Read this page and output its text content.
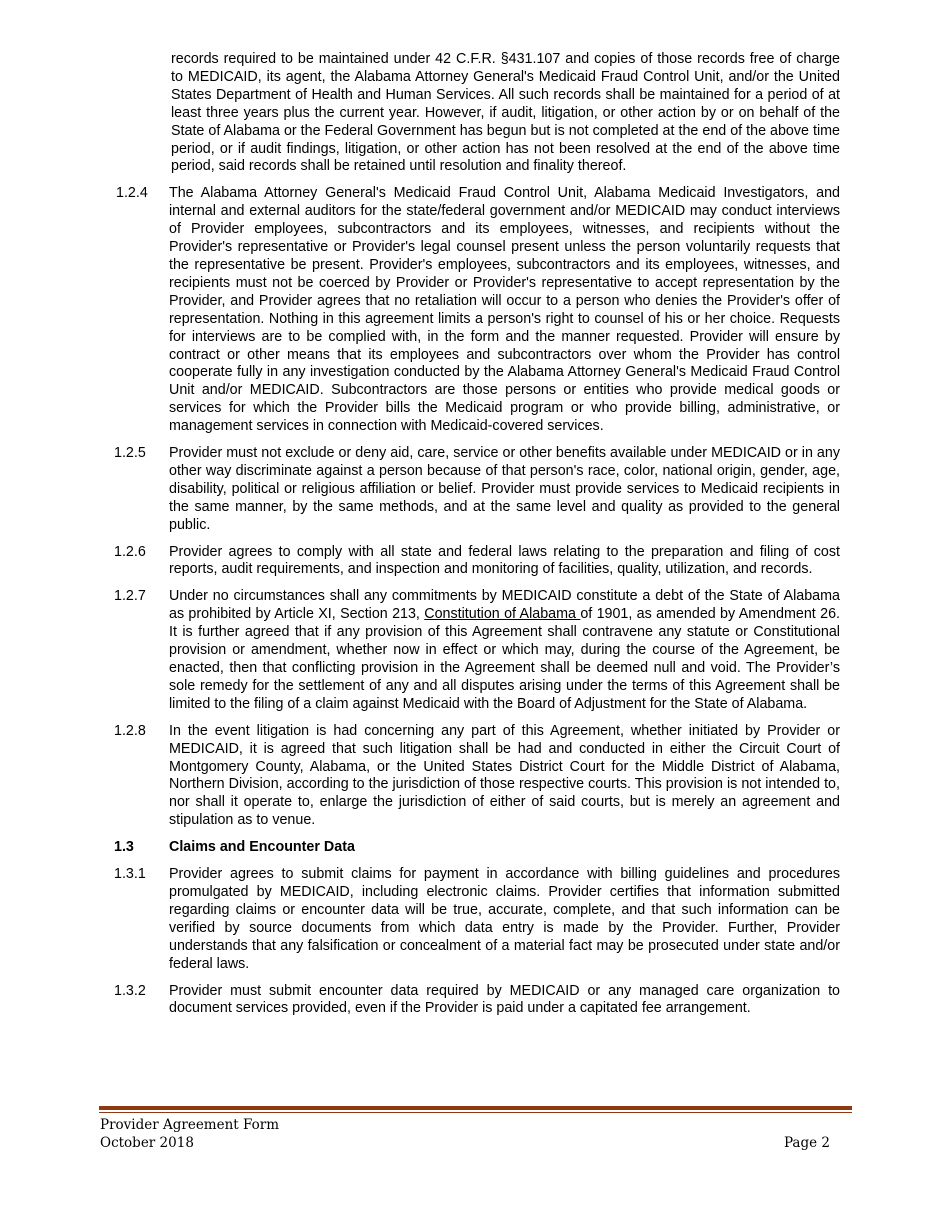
records required to be maintained under 42 C.F.R. §431.107 and copies of those records free of charge to MEDICAID, its agent, the Alabama Attorney General's Medicaid Fraud Control Unit, and/or the United States Department of Health and Human Services. All such records shall be maintained for a period of at least three years plus the current year. However, if audit, litigation, or other action by or on behalf of the State of Alabama or the Federal Government has begun but is not completed at the end of the above time period, or if audit findings, litigation, or other action has not been resolved at the end of the above time period, said records shall be retained until resolution and finality thereof.
1.2.4	The Alabama Attorney General's Medicaid Fraud Control Unit, Alabama Medicaid Investigators, and internal and external auditors for the state/federal government and/or MEDICAID may conduct interviews of Provider employees, subcontractors and its employees, witnesses, and recipients without the Provider's representative or Provider's legal counsel present unless the person voluntarily requests that the representative be present. Provider's employees, subcontractors and its employees, witnesses, and recipients must not be coerced by Provider or Provider's representative to accept representation by the Provider, and Provider agrees that no retaliation will occur to a person who denies the Provider's offer of representation. Nothing in this agreement limits a person's right to counsel of his or her choice. Requests for interviews are to be complied with, in the form and the manner requested. Provider will ensure by contract or other means that its employees and subcontractors over whom the Provider has control cooperate fully in any investigation conducted by the Alabama Attorney General's Medicaid Fraud Control Unit and/or MEDICAID. Subcontractors are those persons or entities who provide medical goods or services for which the Provider bills the Medicaid program or who provide billing, administrative, or management services in connection with Medicaid-covered services.
1.2.5	Provider must not exclude or deny aid, care, service or other benefits available under MEDICAID or in any other way discriminate against a person because of that person's race, color, national origin, gender, age, disability, political or religious affiliation or belief. Provider must provide services to Medicaid recipients in the same manner, by the same methods, and at the same level and quality as provided to the general public.
1.2.6	Provider agrees to comply with all state and federal laws relating to the preparation and filing of cost reports, audit requirements, and inspection and monitoring of facilities, quality, utilization, and records.
1.2.7	Under no circumstances shall any commitments by MEDICAID constitute a debt of the State of Alabama as prohibited by Article XI, Section 213, Constitution of Alabama of 1901, as amended by Amendment 26. It is further agreed that if any provision of this Agreement shall contravene any statute or Constitutional provision or amendment, whether now in effect or which may, during the course of the Agreement, be enacted, then that conflicting provision in the Agreement shall be deemed null and void. The Provider’s sole remedy for the settlement of any and all disputes arising under the terms of this Agreement shall be limited to the filing of a claim against Medicaid with the Board of Adjustment for the State of Alabama.
1.2.8	In the event litigation is had concerning any part of this Agreement, whether initiated by Provider or MEDICAID, it is agreed that such litigation shall be had and conducted in either the Circuit Court of Montgomery County, Alabama, or the United States District Court for the Middle District of Alabama, Northern Division, according to the jurisdiction of those respective courts. This provision is not intended to, nor shall it operate to, enlarge the jurisdiction of either of said courts, but is merely an agreement and stipulation as to venue.
1.3	Claims and Encounter Data
1.3.1	Provider agrees to submit claims for payment in accordance with billing guidelines and procedures promulgated by MEDICAID, including electronic claims. Provider certifies that information submitted regarding claims or encounter data will be true, accurate, complete, and that such information can be verified by source documents from which data entry is made by the Provider. Further, Provider understands that any falsification or concealment of a material fact may be prosecuted under state and/or federal laws.
1.3.2	Provider must submit encounter data required by MEDICAID or any managed care organization to document services provided, even if the Provider is paid under a capitated fee arrangement.
Provider Agreement Form
October 2018	Page 2
